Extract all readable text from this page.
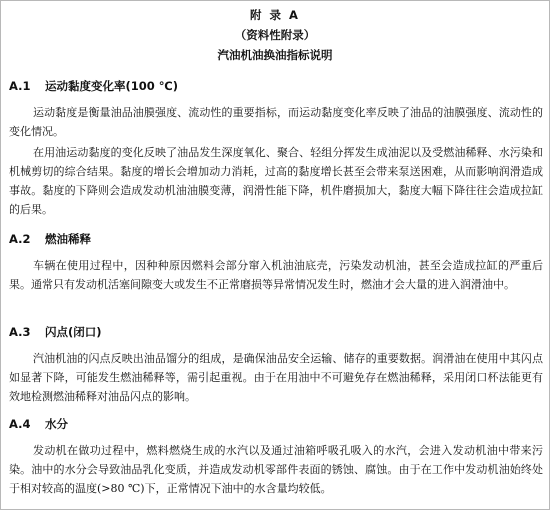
附 录 A
（资料性附录）
汽油机油换油指标说明
A.1 运动黏度变化率(100 ℃)

运动黏度是衡量油品油膜强度、流动性的重要指标，而运动黏度变化率反映了油品的油膜强度、流动性的变化情况。

在用油运动黏度的变化反映了油品发生深度氧化、聚合、轻组分挥发生成油泥以及受燃油稀释、水污染和机械剪切的综合结果。黏度的增长会增加动力消耗，过高的黏度增长甚至会带来泵送困难，从而影响润滑造成事故。黏度的下降则会造成发动机油油膜变薄，润滑性能下降，机件磨损加大，黏度大幅下降往往会造成拉缸的后果。

A.2 燃油稀释

车辆在使用过程中，因种种原因燃料会部分窜入机油油底壳，污染发动机油，甚至会造成拉缸的严重后果。通常只有发动机活塞间隙变大或发生不正常磨损等异常情况发生时，燃油才会大量的进入润滑油中。

A.3 闪点(闭口)

汽油机油的闪点反映出油品馏分的组成，是确保油品安全运输、储存的重要数据。润滑油在使用中其闪点如显著下降，可能发生燃油稀释等，需引起重视。由于在用油中不可避免存在燃油稀释，采用闭口杯法能更有效地检测燃油稀释对油品闪点的影响。

A.4 水分

发动机在做功过程中，燃料燃烧生成的水汽以及通过油箱呼吸孔吸入的水汽，会进入发动机油中带来污染。油中的水分会导致油品乳化变质，并造成发动机零部件表面的锈蚀、腐蚀。由于在工作中发动机油始终处于相对较高的温度(>80 ℃)下，正常情况下油中的水含量均较低。
